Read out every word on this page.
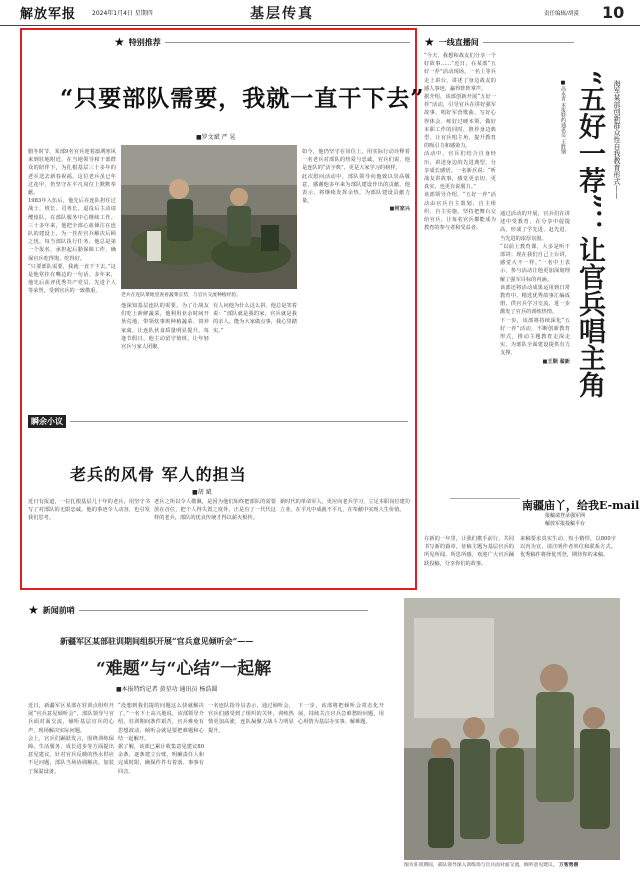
解放军报	2024年1月4日 星期四	基层传真	责任编辑/胡漠 10
★ 特别推荐
“只要部队需要，我就一直干下去”
■罗文斌 严 晃

腊冬时节，某部9名官兵迎着凛冽寒风来到驻地附近，在当地领导和干部群众的陪伴下，为扎根基层三十多年的老兵送去新春祝福。这位老兵虽已年过花甲，仍坚守在平凡岗位上默默奉献。

1983年入伍后，他先后在连队担任过战士、班长、司务长，退役后主动请缨留队，在部队服务中心继续工作。三十多年来，他把全部心血倾注在连队的建设上，为一茬茬官兵解决后顾之忧。每当部队执行任务，他总是第一个报名，承担起后勤保障工作，确保官兵吃得饱、吃得好。

“只要部队需要，我就一直干下去。”这是他常挂在嘴边的一句话。多年来，他先后获评优秀共产党员、先进个人等荣誉，受到官兵的一致敬重。

老兵在连队菜地里查看蔬菜长势，与官兵交流种植经验。

他深知基层连队的需要。为了让战友们吃上新鲜蔬菜，他利用业余时间开垦荒地，带领炊事班种植蔬菜、饲养家禽，让连队伙食质量明显提升。每逢节假日，他主动留守值班，让年轻官兵与家人团聚。

有人问他为什么这么拼，他总是笑着说：“部队就是我的家，官兵就是我的亲人。能为大家做点事，我心里踏实。”

如今，他仍坚守在岗位上，用实际行动诠释着一名老兵对部队的热爱与忠诚。官兵们说，他是连队的“活字典”，更是大家学习的榜样。

此次慰问活动中，部队领导向他致以崇高敬意，感谢他多年来为部队建设作出的贡献。他表示，将继续发挥余热，为部队建设贡献力量。

■何家兴

瞬余小议
老兵的风骨 军人的担当
■胡 斌

近日有报道，一位扎根基层几十年的老兵，用坚守书写了对部队的无限忠诚。他的事迹令人动容，也引发我们思考。

老兵之所以令人敬佩，是因为他们始终把部队的需要放在首位，把个人得失置之度外。正是有了一代代这样的老兵，部队的优良传统才得以薪火相传。

新时代的革命军人，更应向老兵学习，立足本职岗位建功立业，在平凡中成就不平凡，在奉献中实现人生价值。

★ 一线直播间

“今天，我想和战友们分享一个好故事……”近日，在某部“五好一荐”活动现场，一名上等兵走上讲台，讲述了身边战友的感人事迹，赢得阵阵掌声。

据介绍，该部创新开展“五好一荐”活动，引导官兵在讲好强军故事、唱好军营歌曲、写好心得体会、练好过硬本领、做好本职工作的同时，推荐身边典型，让官兵唱主角，提升教育的吸引力和感染力。

活动中，官兵们结合自身经历，讲述身边的先进典型，分享成长感悟。一名新兵说：“听战友讲故事，感觉更亲切、更真实，也更有说服力。”

该部领导介绍，“五好一荐”活动由官兵自主策划、自主组织、自主实施，坚持把舞台交给官兵，让每名官兵都能成为教育的参与者和受益者。

通过活动的开展，官兵们在讲述中受教育、在分享中促提高，形成了学先进、赶先进、当先进的浓厚氛围。

“以前上教育课，大多是听干部讲；现在我们自己上台讲，感觉大不一样。”一名中士表示，参与活动让他更加深刻理解了强军目标的内涵。

该部还将活动成果运用到日常教育中，精选优秀故事汇编成册，供官兵学习交流，进一步激发了官兵的训练热情。

下一步，该部将持续深化“五好一荐”活动，不断创新教育形式，推动主题教育走深走实，为部队全面建设提供有力支撑。

■王顺 翟新

海军某部创新群众性自我教育形式——
“五好一荐”：让官兵唱主角
■高永青 本报特约通讯员 王胜钢
南疆庙丫，给我E-mail
报稿请登录强军网
解放军报投稿平台

在新的一年里，让我们携手前行，共同书写新的篇章。征稿主题为基层官兵的所见所闻、所思所感，欢迎广大官兵踊跃投稿，分享你们的故事。

来稿要求真实生动、短小精悍，以800字以内为宜，请注明作者单位和联系方式。优秀稿件将择优刊登，期待你的来稿。

★ 新闻前哨
新疆军区某部驻训期间组织开展“官兵意见倾听会”——
“难题”与“心结”一起解
■本报特约记者 黄星功 通讯员 杨浩圆

近日，新疆军区某部在驻训点组织开展“官兵意见倾听会”，部队领导与官兵面对面交流，倾听基层官兵的心声，现场解决实际问题。

会上，官兵们踊跃发言，围绕训练保障、生活服务、成长进步等方面提出意见建议。针对官兵反映的热水供应不足问题，部队当场协调解决，加装了保温设备。

“没想到我们提的问题这么快就解决了。”一名下士高兴地说。该部领导介绍，驻训期间条件艰苦，官兵难免有思想波动，倾听会就是要把难题和心结一起解开。

据了解，该部已累计收集意见建议80余条，逐条建立台账，明确责任人和完成时限，确保件件有着落、事事有回音。

一名连队指导员表示，通过倾听会，官兵们感受到了组织的关怀，训练热情更加高涨，连队凝聚力战斗力明显提升。

下一步，该部将把倾听会常态化开展，持续关注官兵急难愁盼问题，用心用情为基层办实事、解难题。

图为驻训期间，部队领导深入训练场与官兵面对面交流，倾听意见建议。 万智勇摄
